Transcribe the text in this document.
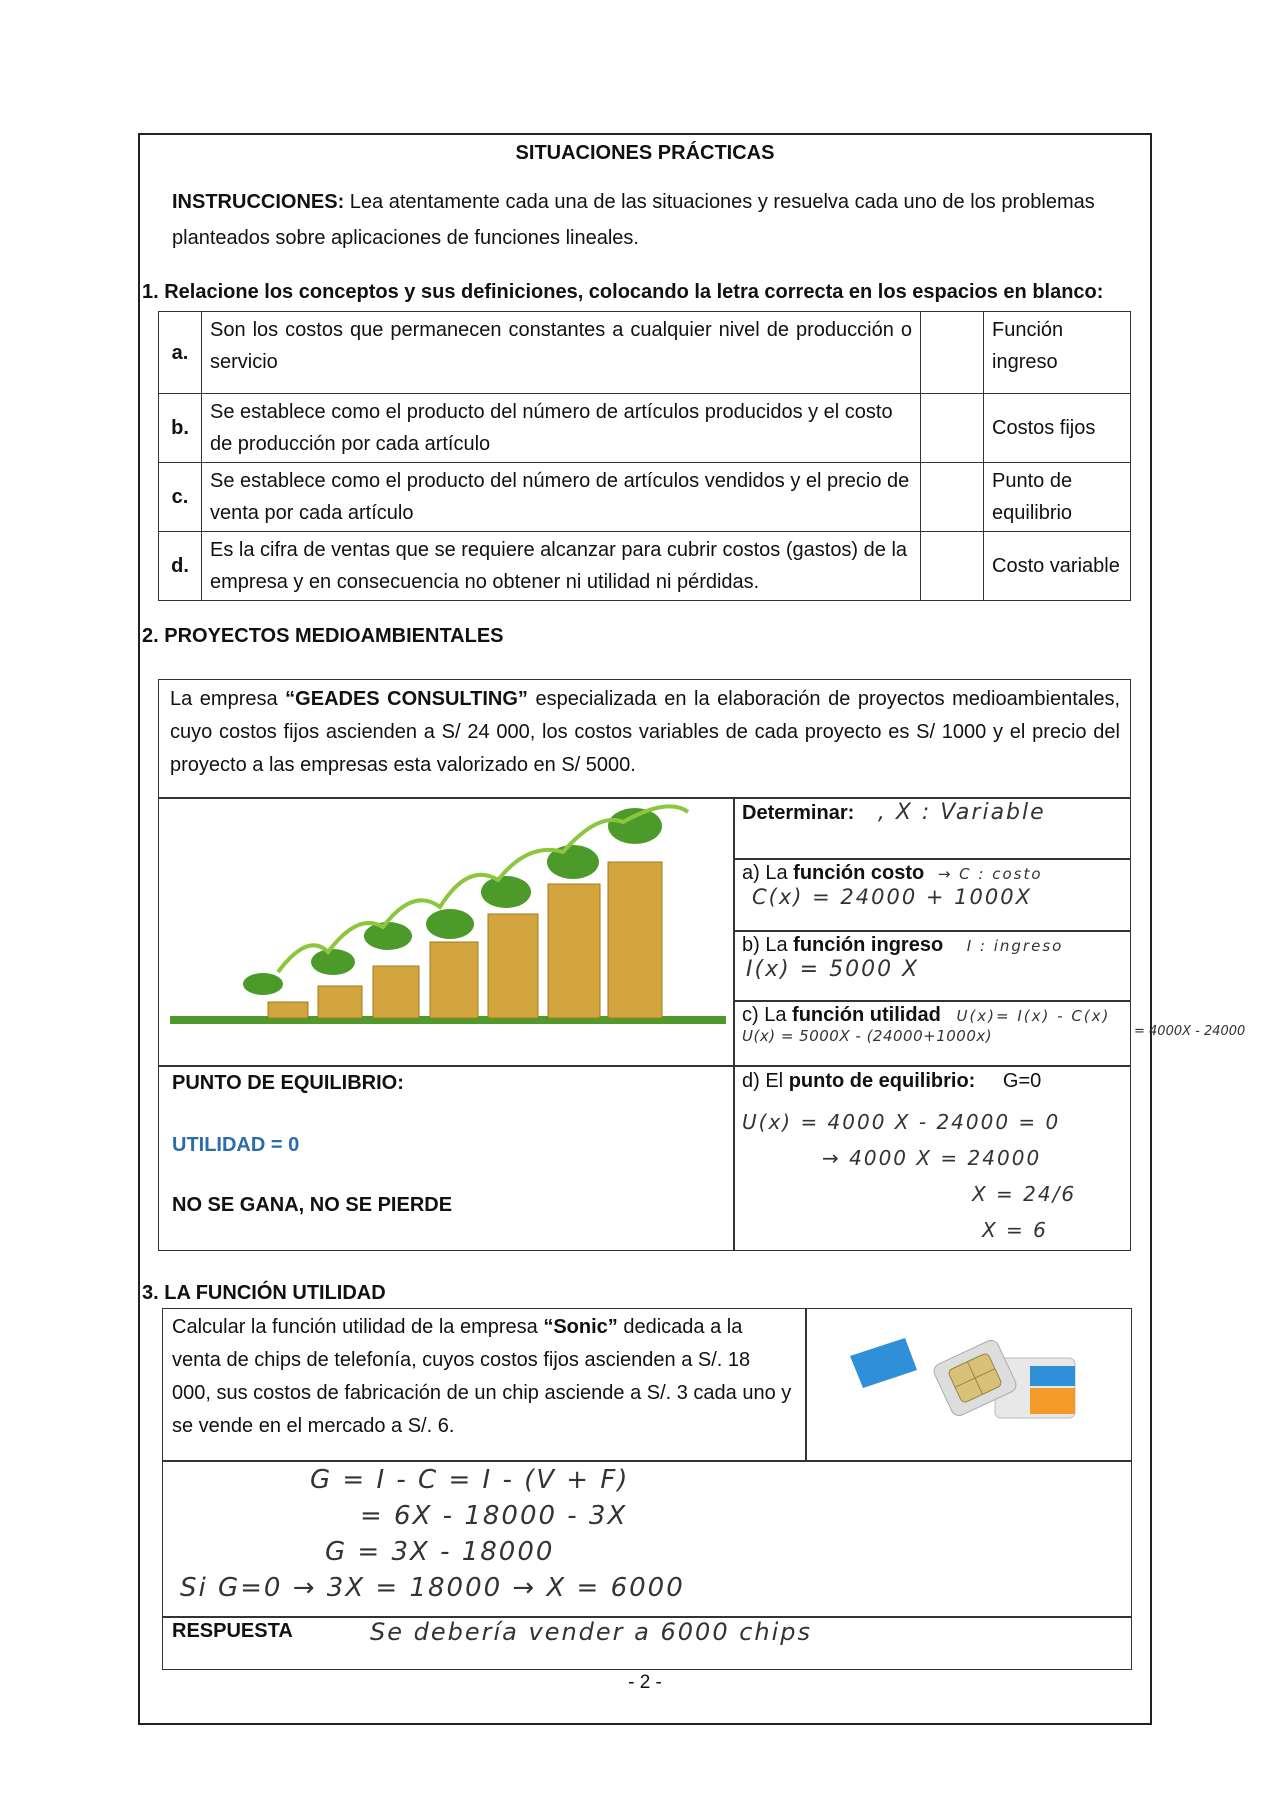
SITUACIONES PRÁCTICAS
INSTRUCCIONES: Lea atentamente cada una de las situaciones y resuelva cada uno de los problemas planteados sobre aplicaciones de funciones lineales.
1. Relacione los conceptos y sus definiciones, colocando la letra correcta en los espacios en blanco:
a.	Son los costos que permanecen constantes a cualquier nivel de producción o servicio		Función ingreso
b.	Se establece como el producto del número de artículos producidos y el costo de producción por cada artículo		Costos fijos
c.	Se establece como el producto del número de artículos vendidos y el precio de venta por cada artículo		Punto de equilibrio
d.	Es la cifra de ventas que se requiere alcanzar para cubrir costos (gastos) de la empresa y en consecuencia no obtener ni utilidad ni pérdidas.		Costo variable
2. PROYECTOS MEDIOAMBIENTALES
La empresa “GEADES CONSULTING” especializada en la elaboración de proyectos medioambientales, cuyo costos fijos ascienden a S/ 24 000, los costos variables de cada proyecto es S/ 1000 y el precio del proyecto a las empresas esta valorizado en S/ 5000.
Determinar: , X : Variable
a) La función costo → C : costo
C(x) = 24000 + 1000X
b) La función ingreso I : ingreso
I(x) = 5000 X
c) La función utilidad U(x)= I(x) - C(x)
U(x) = 5000X - (24000+1000x)	= 4000X - 24000
d) El punto de equilibrio: G=0
U(x) = 4000 X - 24000 = 0
→ 4000 X = 24000
X = 24/6
X = 6
PUNTO DE EQUILIBRIO:
UTILIDAD = 0
NO SE GANA, NO SE PIERDE
3. LA FUNCIÓN UTILIDAD
Calcular la función utilidad de la empresa “Sonic” dedicada a la venta de chips de telefonía, cuyos costos fijos ascienden a S/. 18 000, sus costos de fabricación de un chip asciende a S/. 3 cada uno y se vende en el mercado a S/. 6.
G = I - C = I - (V + F)
= 6X - 18000 - 3X
G = 3X - 18000
Si G=0 → 3X = 18000 → X = 6000
RESPUESTA	Se debería vender a 6000 chips
- 2 -
